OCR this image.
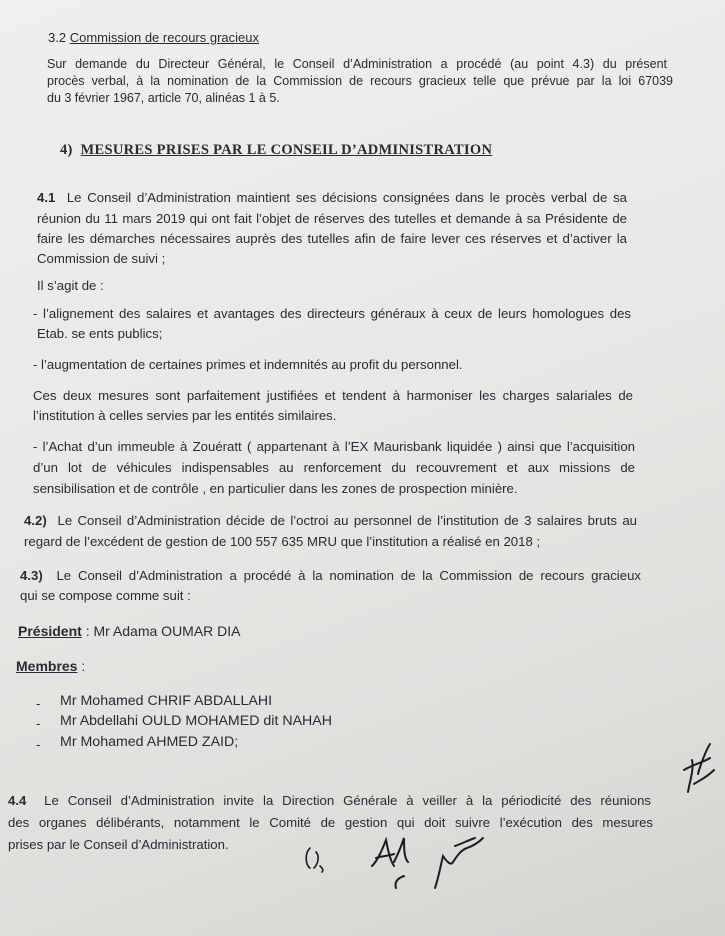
3.2 Commission de recours gracieux
Sur demande du Directeur Général, le Conseil d’Administration a procédé (au point 4.3) du présent
procès verbal, à la nomination de la Commission de recours gracieux telle que prévue par la loi 67039
du 3 février 1967, article 70, alinéas 1 à 5.
4) MESURES PRISES PAR LE CONSEIL D’ADMINISTRATION
4.1 Le Conseil d’Administration maintient ses décisions consignées dans le procès verbal de sa
réunion du 11 mars 2019 qui ont fait l’objet de réserves des tutelles et demande à sa Présidente de
faire les démarches nécessaires auprès des tutelles afin de faire lever ces réserves et d’activer la
Commission de suivi ;
Il s’agit de :
- l’alignement des salaires et avantages des directeurs généraux à ceux de leurs homologues des
Etab. se ents publics;
- l’augmentation de certaines primes et indemnités au profit du personnel.
Ces deux mesures sont parfaitement justifiées et tendent à harmoniser les charges salariales de
l’institution à celles servies par les entités similaires.
- l’Achat d’un immeuble à Zouératt ( appartenant à l’EX Maurisbank liquidée ) ainsi que l’acquisition
d’un lot de véhicules indispensables au renforcement du recouvrement et aux missions de
sensibilisation et de contrôle , en particulier dans les zones de prospection minière.
4.2) Le Conseil d’Administration décide de l’octroi au personnel de l’institution de 3 salaires bruts au
regard de l’excédent de gestion de 100 557 635 MRU que l’institution a réalisé en 2018 ;
4.3) Le Conseil d’Administration a procédé à la nomination de la Commission de recours gracieux
qui se compose comme suit :
Président : Mr Adama OUMAR DIA
Membres :
- Mr Mohamed CHRIF ABDALLAHI
- Mr Abdellahi OULD MOHAMED dit NAHAH
- Mr Mohamed AHMED ZAID;
4.4 Le Conseil d’Administration invite la Direction Générale à veiller à la périodicité des réunions
des organes délibérants, notamment le Comité de gestion qui doit suivre l’exécution des mesures
prises par le Conseil d’Administration.
